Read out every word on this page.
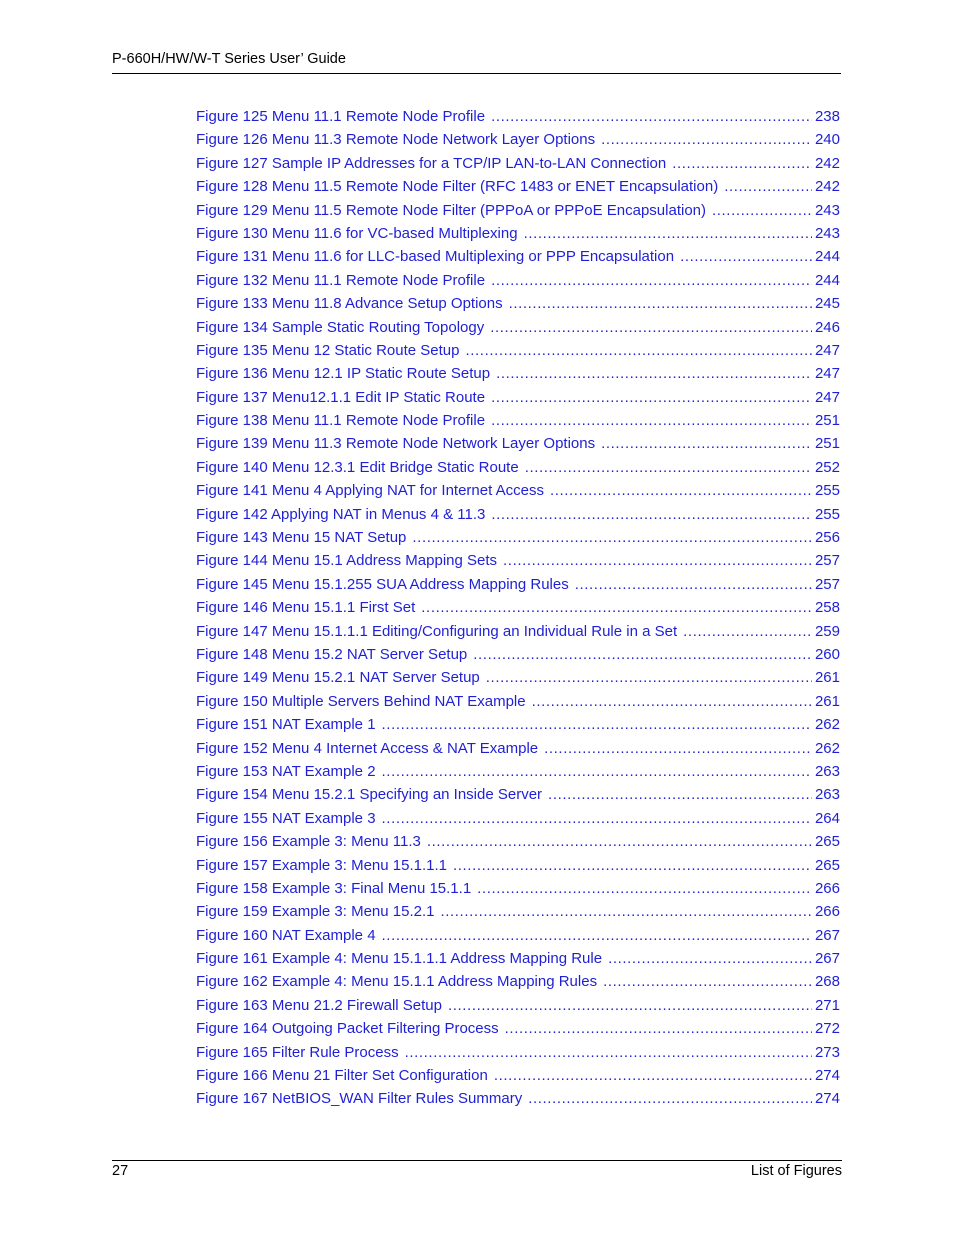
P-660H/HW/W-T Series User’ Guide
Figure 125 Menu 11.1 Remote Node Profile .....	238
Figure 126 Menu 11.3 Remote Node Network Layer Options .....	240
Figure 127 Sample IP Addresses for a TCP/IP LAN-to-LAN Connection .....	242
Figure 128 Menu 11.5 Remote Node Filter (RFC 1483 or ENET Encapsulation) .....	242
Figure 129 Menu 11.5 Remote Node Filter (PPPoA or PPPoE Encapsulation) .....	243
Figure 130 Menu 11.6 for VC-based Multiplexing .....	243
Figure 131 Menu 11.6 for LLC-based Multiplexing or PPP Encapsulation .....	244
Figure 132 Menu 11.1 Remote Node Profile .....	244
Figure 133 Menu 11.8 Advance Setup Options .....	245
Figure 134 Sample Static Routing Topology .....	246
Figure 135 Menu 12 Static Route Setup .....	247
Figure 136 Menu 12.1 IP Static Route Setup .....	247
Figure 137 Menu12.1.1 Edit IP Static Route .....	247
Figure 138 Menu 11.1 Remote Node Profile .....	251
Figure 139 Menu 11.3 Remote Node Network Layer Options .....	251
Figure 140 Menu 12.3.1 Edit Bridge Static Route .....	252
Figure 141 Menu 4 Applying NAT for Internet Access .....	255
Figure 142 Applying NAT in Menus 4 & 11.3 .....	255
Figure 143 Menu 15 NAT Setup .....	256
Figure 144 Menu 15.1 Address Mapping Sets .....	257
Figure 145 Menu 15.1.255 SUA Address Mapping Rules .....	257
Figure 146 Menu 15.1.1 First Set .....	258
Figure 147 Menu 15.1.1.1 Editing/Configuring an Individual Rule in a Set .....	259
Figure 148 Menu 15.2 NAT Server Setup .....	260
Figure 149 Menu 15.2.1 NAT Server Setup .....	261
Figure 150 Multiple Servers Behind NAT Example .....	261
Figure 151 NAT Example 1 .....	262
Figure 152 Menu 4 Internet Access & NAT Example .....	262
Figure 153 NAT Example 2 .....	263
Figure 154 Menu 15.2.1 Specifying an Inside Server .....	263
Figure 155 NAT Example 3 .....	264
Figure 156 Example 3: Menu 11.3 .....	265
Figure 157 Example 3: Menu 15.1.1.1 .....	265
Figure 158 Example 3: Final Menu 15.1.1 .....	266
Figure 159 Example 3: Menu 15.2.1 .....	266
Figure 160 NAT Example 4 .....	267
Figure 161 Example 4: Menu 15.1.1.1 Address Mapping Rule .....	267
Figure 162 Example 4: Menu 15.1.1 Address Mapping Rules .....	268
Figure 163 Menu 21.2 Firewall Setup .....	271
Figure 164 Outgoing Packet Filtering Process .....	272
Figure 165 Filter Rule Process .....	273
Figure 166 Menu 21 Filter Set Configuration .....	274
Figure 167 NetBIOS_WAN Filter Rules Summary .....	274
27	List of Figures
